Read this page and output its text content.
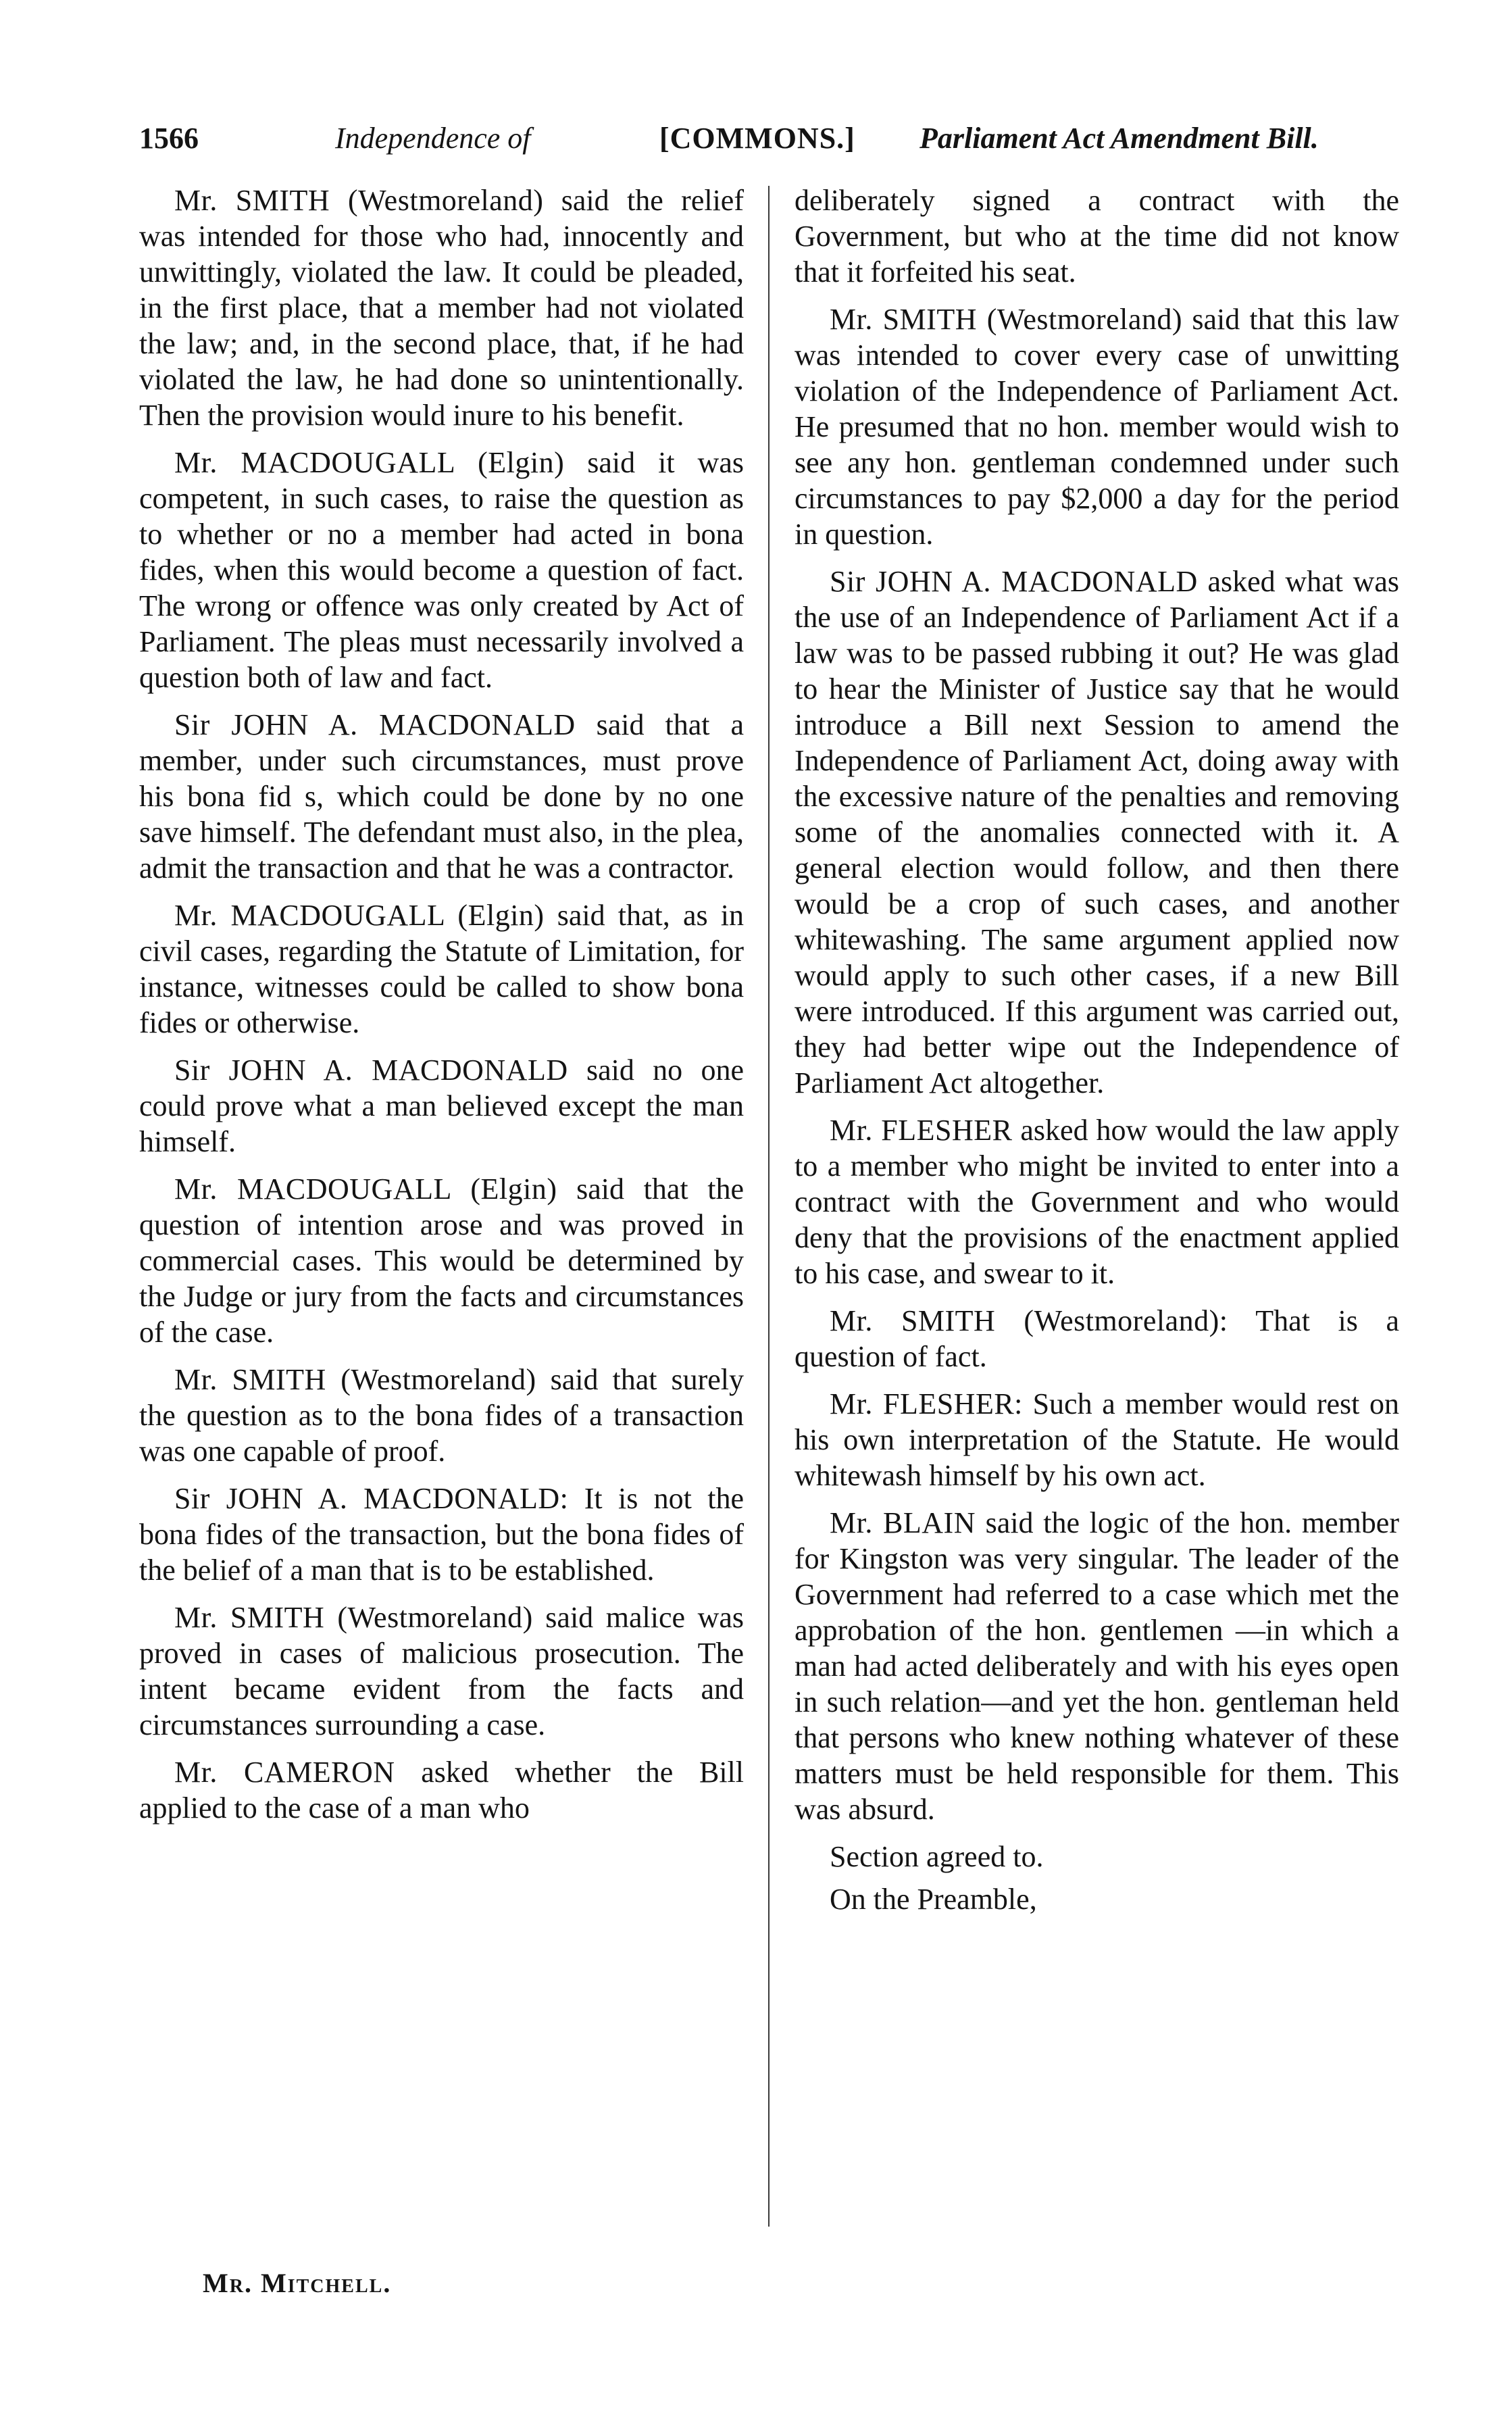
1566	Independence of	[COMMONS.] Parliament Act Amendment Bill.

Mr. SMITH (Westmoreland) said the relief was intended for those who had, innocently and unwittingly, violated the law. It could be pleaded, in the first place, that a member had not violated the law; and, in the second place, that, if he had violated the law, he had done so unintentionally. Then the provision would inure to his benefit.

Mr. MACDOUGALL (Elgin) said it was competent, in such cases, to raise the question as to whether or no a member had acted in bona fides, when this would become a question of fact. The wrong or offence was only created by Act of Parliament. The pleas must necessarily involved a question both of law and fact.

Sir JOHN A. MACDONALD said that a member, under such circumstances, must prove his bona fid s, which could be done by no one save himself. The defendant must also, in the plea, admit the transaction and that he was a contractor.

Mr. MACDOUGALL (Elgin) said that, as in civil cases, regarding the Statute of Limitation, for instance, witnesses could be called to show bona fides or otherwise.

Sir JOHN A. MACDONALD said no one could prove what a man believed except the man himself.

Mr. MACDOUGALL (Elgin) said that the question of intention arose and was proved in commercial cases. This would be determined by the Judge or jury from the facts and circumstances of the case.

Mr. SMITH (Westmoreland) said that surely the question as to the bona fides of a transaction was one capable of proof.

Sir JOHN A. MACDONALD: It is not the bona fides of the transaction, but the bona fides of the belief of a man that is to be established.

Mr. SMITH (Westmoreland) said malice was proved in cases of malicious prosecution. The intent became evident from the facts and circumstances surrounding a case.

Mr. CAMERON asked whether the Bill applied to the case of a man who

deliberately signed a contract with the Government, but who at the time did not know that it forfeited his seat.

Mr. SMITH (Westmoreland) said that this law was intended to cover every case of unwitting violation of the Independence of Parliament Act. He presumed that no hon. member would wish to see any hon. gentleman condemned under such circumstances to pay $2,000 a day for the period in question.

Sir JOHN A. MACDONALD asked what was the use of an Independence of Parliament Act if a law was to be passed rubbing it out? He was glad to hear the Minister of Justice say that he would introduce a Bill next Session to amend the Independence of Parliament Act, doing away with the excessive nature of the penalties and removing some of the anomalies connected with it. A general election would follow, and then there would be a crop of such cases, and another whitewashing. The same argument applied now would apply to such other cases, if a new Bill were introduced. If this argument was carried out, they had better wipe out the Independence of Parliament Act altogether.

Mr. FLESHER asked how would the law apply to a member who might be invited to enter into a contract with the Government and who would deny that the provisions of the enactment applied to his case, and swear to it.

Mr. SMITH (Westmoreland): That is a question of fact.

Mr. FLESHER: Such a member would rest on his own interpretation of the Statute. He would whitewash himself by his own act.

Mr. BLAIN said the logic of the hon. member for Kingston was very singular. The leader of the Government had referred to a case which met the approbation of the hon. gentlemen —in which a man had acted deliberately and with his eyes open in such relation—and yet the hon. gentleman held that persons who knew nothing whatever of these matters must be held responsible for them. This was absurd.

Section agreed to.

On the Preamble,

Mr. Mitchell.
